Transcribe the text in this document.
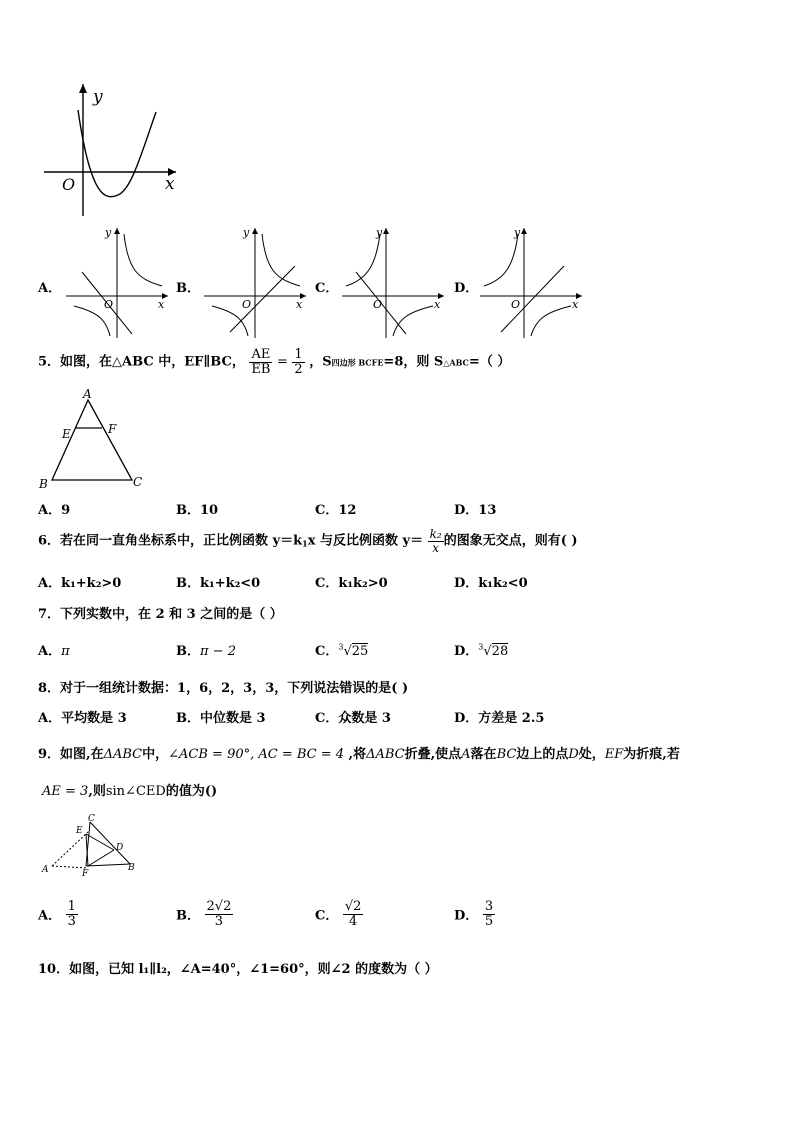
y
x
O
A．
y
x
O
B．
y
x
O
C．
y
x
O
D．
y
x
O
5．如图，在△ABC 中，EF∥BC， $\frac{AE}{EB} = \frac{1}{2}$ ，S四边形 BCFE=8，则 S△ABC=（ ）
A
E	F
B	C
A．9	B．10	C．12	D．13
6．若在同一直角坐标系中，正比例函数 $y=k_1x$ 与反比例函数 $y= \frac{\text{k₂}}{x}$ 的图象无交点，则有( )
A．k₁+k₂>0	B．k₁+k₂<0	C．k₁k₂>0	D．k₁k₂<0
7．下列实数中，在 2 和 3 之间的是（ ）
A．π	B．π − 2	C．$^3$√25	D．$^3$√28
8．对于一组统计数据：1，6，2，3，3，下列说法错误的是( )
A．平均数是 3	B．中位数是 3	C．众数是 3	D．方差是 2.5
9．如图,在ΔABC中，∠ACB = 90°, AC = BC = 4 ,将ΔABC折叠,使点A落在BC边上的点D处，EF为折痕,若
AE = 3,则sin∠CED的值为()
C
E
D
A	F
B
A． $\frac{1}{3}$	B． $\frac{2√2}{3}$	C． $\frac{√2}{4}$	D． $\frac{3}{5}$
10．如图，已知 l₁∥l₂，∠A=40°，∠1=60°，则∠2 的度数为（ ）
